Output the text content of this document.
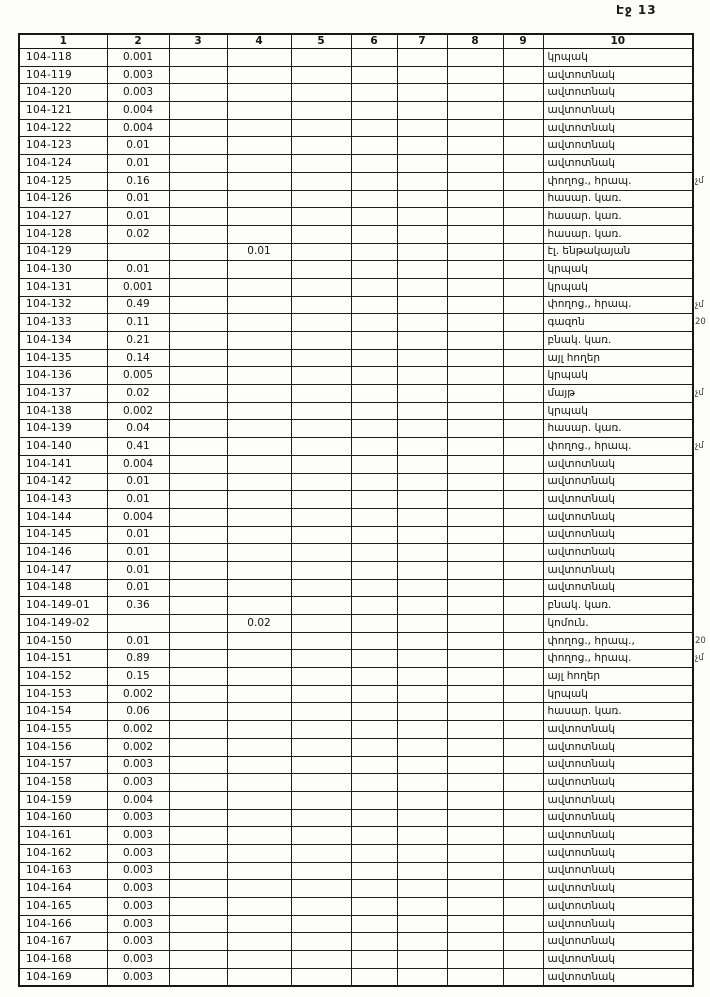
Էջ 13
1	2	3	4	5	6	7	8	9	10
104-118	0.001								կրպակ
104-119	0.003								ավտոտնակ
104-120	0.003								ավտոտնակ
104-121	0.004								ավտոտնակ
104-122	0.004								ավտոտնակ
104-123	0.01								ավտոտնակ
104-124	0.01								ավտոտնակ
104-125	0.16								փողոց., հրապ. չմ

104-126	0.01								հասար. կառ.
104-127	0.01								հասար. կառ.
104-128	0.02								հասար. կառ.
104-129			0.01						էլ. ենթակայան
104-130	0.01								կրպակ
104-131	0.001								կրպակ
104-132	0.49								փողոց., հրապ. չմ

104-133	0.11								գազոն 20

104-134	0.21								բնակ. կառ.
104-135	0.14								այլ հողեր
104-136	0.005								կրպակ
104-137	0.02								մայթ չմ

104-138	0.002								կրպակ
104-139	0.04								հասար. կառ.
104-140	0.41								փողոց., հրապ. չմ

104-141	0.004								ավտոտնակ
104-142	0.01								ավտոտնակ
104-143	0.01								ավտոտնակ
104-144	0.004								ավտոտնակ
104-145	0.01								ավտոտնակ
104-146	0.01								ավտոտնակ
104-147	0.01								ավտոտնակ
104-148	0.01								ավտոտնակ
104-149-01	0.36								բնակ. կառ.
104-149-02			0.02						կոմուն.
104-150	0.01								փողոց., հրապ., 20

104-151	0.89								փողոց., հրապ. չմ

104-152	0.15								այլ հողեր
104-153	0.002								կրպակ
104-154	0.06								հասար. կառ.
104-155	0.002								ավտոտնակ
104-156	0.002								ավտոտնակ
104-157	0.003								ավտոտնակ
104-158	0.003								ավտոտնակ
104-159	0.004								ավտոտնակ
104-160	0.003								ավտոտնակ
104-161	0.003								ավտոտնակ
104-162	0.003								ավտոտնակ
104-163	0.003								ավտոտնակ
104-164	0.003								ավտոտնակ
104-165	0.003								ավտոտնակ
104-166	0.003								ավտոտնակ
104-167	0.003								ավտոտնակ
104-168	0.003								ավտոտնակ
104-169	0.003								ավտոտնակ
